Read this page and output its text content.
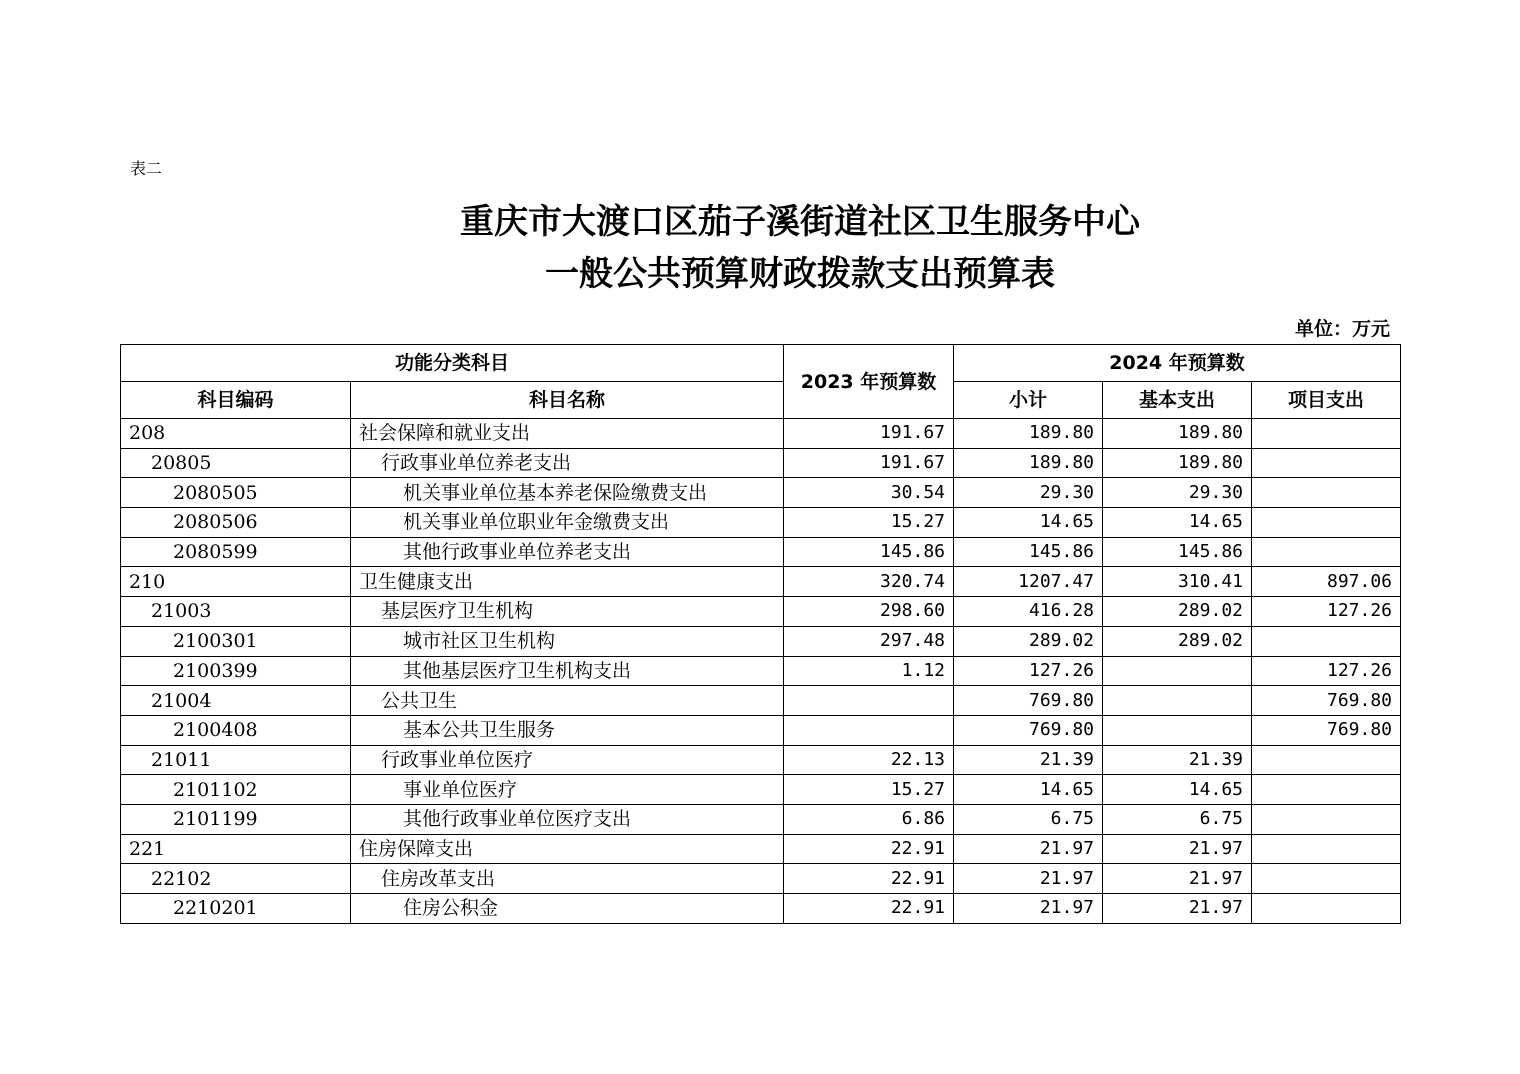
表二
重庆市大渡口区茄子溪街道社区卫生服务中心
一般公共预算财政拨款支出预算表
单位：万元
功能分类科目		2023 年预算数	2024 年预算数		
科目编码	科目名称		小计	基本支出	项目支出
208	社会保障和就业支出	191.67	189.80	189.80	
20805	行政事业单位养老支出	191.67	189.80	189.80	
2080505	机关事业单位基本养老保险缴费支出	30.54	29.30	29.30	
2080506	机关事业单位职业年金缴费支出	15.27	14.65	14.65	
2080599	其他行政事业单位养老支出	145.86	145.86	145.86	
210	卫生健康支出	320.74	1207.47	310.41	897.06
21003	基层医疗卫生机构	298.60	416.28	289.02	127.26
2100301	城市社区卫生机构	297.48	289.02	289.02	
2100399	其他基层医疗卫生机构支出	1.12	127.26		127.26
21004	公共卫生		769.80		769.80
2100408	基本公共卫生服务		769.80		769.80
21011	行政事业单位医疗	22.13	21.39	21.39	
2101102	事业单位医疗	15.27	14.65	14.65	
2101199	其他行政事业单位医疗支出	6.86	6.75	6.75	
221	住房保障支出	22.91	21.97	21.97	
22102	住房改革支出	22.91	21.97	21.97	
2210201	住房公积金	22.91	21.97	21.97	
